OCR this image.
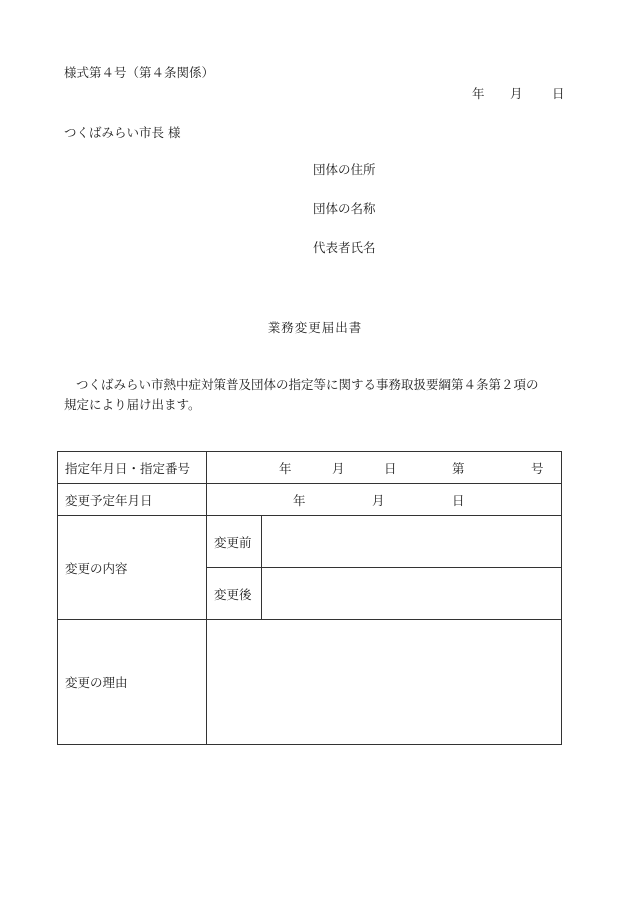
様式第４号（第４条関係）
年 月 日
つくばみらい市長 様
団体の住所
団体の名称
代表者氏名
業務変更届出書

つくばみらい市熱中症対策普及団体の指定等に関する事務取扱要綱第４条第２項の

規定により届け出ます。

指定年月日・指定番号	年 月 日 第 号	

変更予定年月日	年 月 日	

変更の内容	変更前	
	変更後	
変更の理由		
